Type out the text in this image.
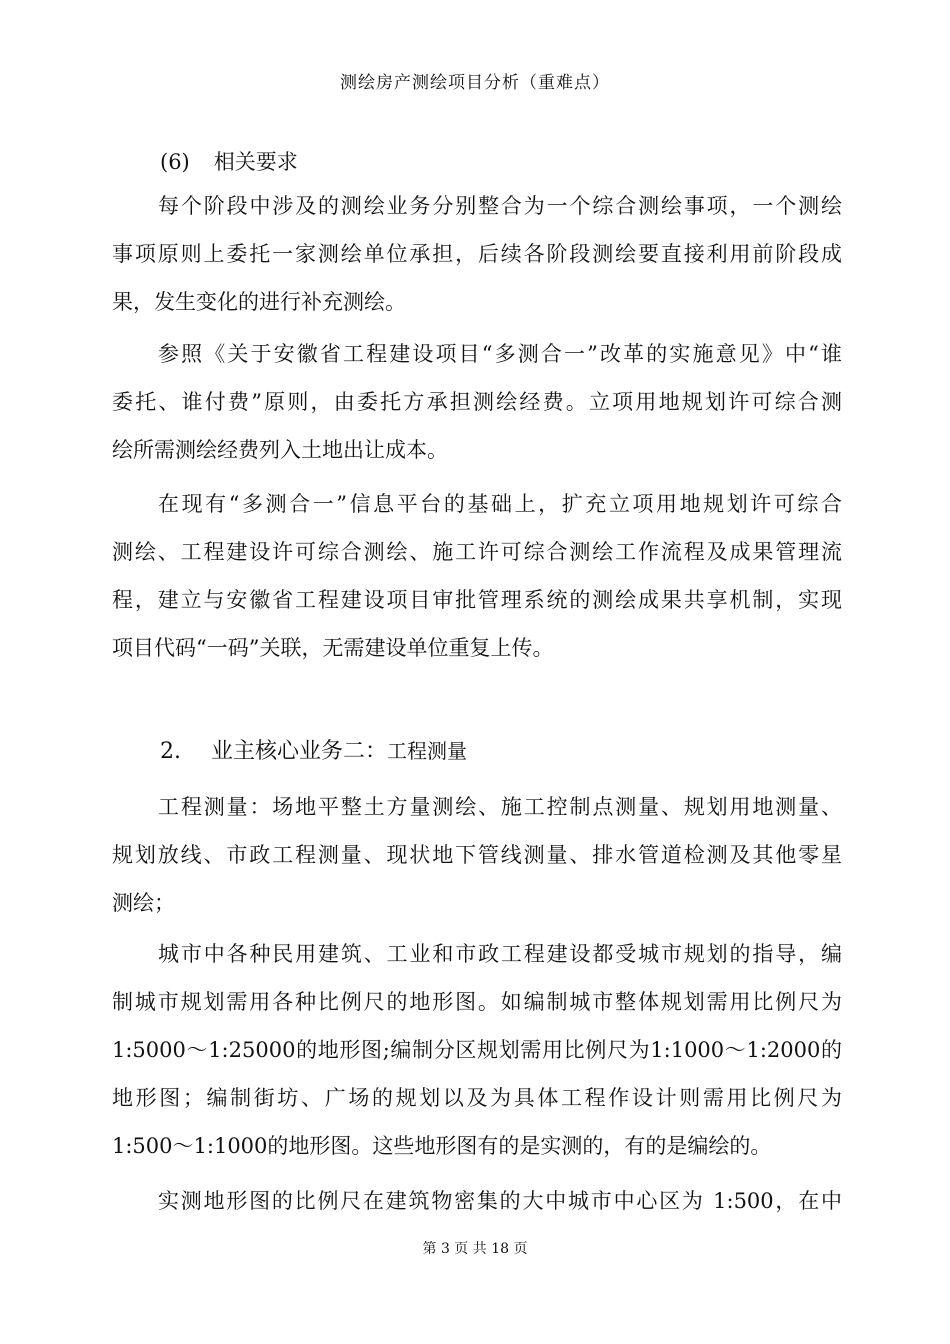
测绘房产测绘项目分析（重难点）
(6) 相关要求
每个阶段中涉及的测绘业务分别整合为一个综合测绘事项，一个测绘
事项原则上委托一家测绘单位承担，后续各阶段测绘要直接利用前阶段成
果，发生变化的进行补充测绘。
参照《关于安徽省工程建设项目“多测合一”改革的实施意见》中“谁
委托、谁付费”原则，由委托方承担测绘经费。立项用地规划许可综合测
绘所需测绘经费列入土地出让成本。
在现有“多测合一”信息平台的基础上，扩充立项用地规划许可综合
测绘、工程建设许可综合测绘、施工许可综合测绘工作流程及成果管理流
程，建立与安徽省工程建设项目审批管理系统的测绘成果共享机制，实现
项目代码“一码”关联，无需建设单位重复上传。
2. 业主核心业务二：工程测量
工程测量：场地平整土方量测绘、施工控制点测量、规划用地测量、
规划放线、市政工程测量、现状地下管线测量、排水管道检测及其他零星
测绘；
城市中各种民用建筑、工业和市政工程建设都受城市规划的指导，编
制城市规划需用各种比例尺的地形图。如编制城市整体规划需用比例尺为
1:5000～1:25000的地形图;编制分区规划需用比例尺为1:1000～1:2000的
地形图；编制街坊、广场的规划以及为具体工程作设计则需用比例尺为
1:500～1:1000的地形图。这些地形图有的是实测的，有的是编绘的。
实测地形图的比例尺在建筑物密集的大中城市中心区为 1:500，在中
第 3 页 共 18 页
